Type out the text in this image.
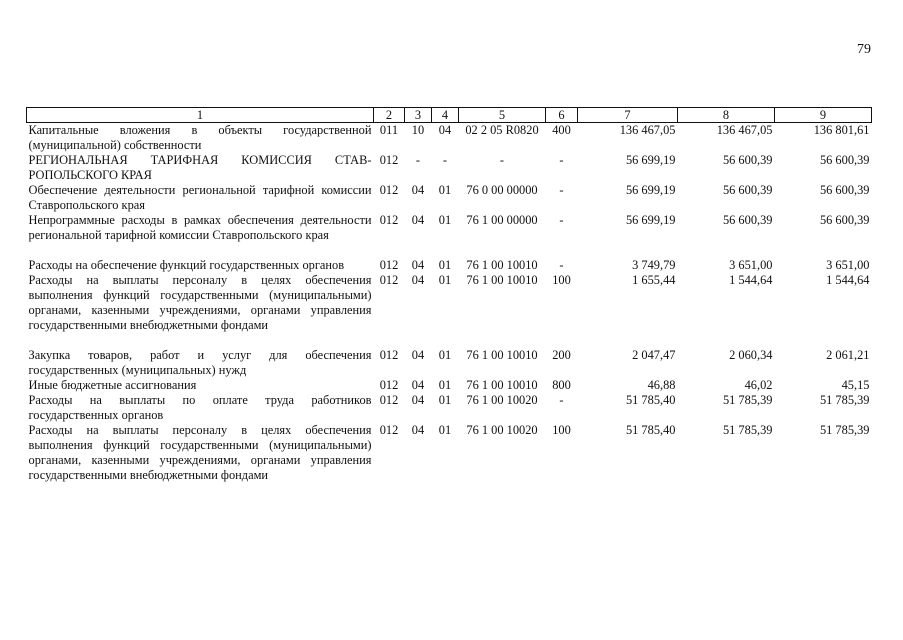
79
1	2	3	4	5	6	7	8	9
Капитальные вложения в объекты государственной (муниципальной) собственности	011	10	04	02 2 05 R0820	400	136 467,05	136 467,05	136 801,61
РЕГИОНАЛЬНАЯ ТАРИФНАЯ КОМИССИЯ СТАВ-РОПОЛЬСКОГО КРАЯ	012	-	-	-	-	56 699,19	56 600,39	56 600,39
Обеспечение деятельности региональной тарифной комиссии Ставропольского края	012	04	01	76 0 00 00000	-	56 699,19	56 600,39	56 600,39
Непрограммные расходы в рамках обеспечения деятельности региональной тарифной комиссии Ставропольского края	012	04	01	76 1 00 00000	-	56 699,19	56 600,39	56 600,39

Расходы на обеспечение функций государственных органов	012	04	01	76 1 00 10010	-	3 749,79	3 651,00	3 651,00
Расходы на выплаты персоналу в целях обеспечения выполнения функций государственными (муниципальными) органами, казенными учреждениями, органами управления государственными внебюджетными фондами	012	04	01	76 1 00 10010	100	1 655,44	1 544,64	1 544,64

Закупка товаров, работ и услуг для обеспечения государственных (муниципальных) нужд	012	04	01	76 1 00 10010	200	2 047,47	2 060,34	2 061,21
Иные бюджетные ассигнования	012	04	01	76 1 00 10010	800	46,88	46,02	45,15
Расходы на выплаты по оплате труда работников государственных органов	012	04	01	76 1 00 10020	-	51 785,40	51 785,39	51 785,39
Расходы на выплаты персоналу в целях обеспечения выполнения функций государственными (муниципальными) органами, казенными учреждениями, органами управления государственными внебюджетными фондами	012	04	01	76 1 00 10020	100	51 785,40	51 785,39	51 785,39
